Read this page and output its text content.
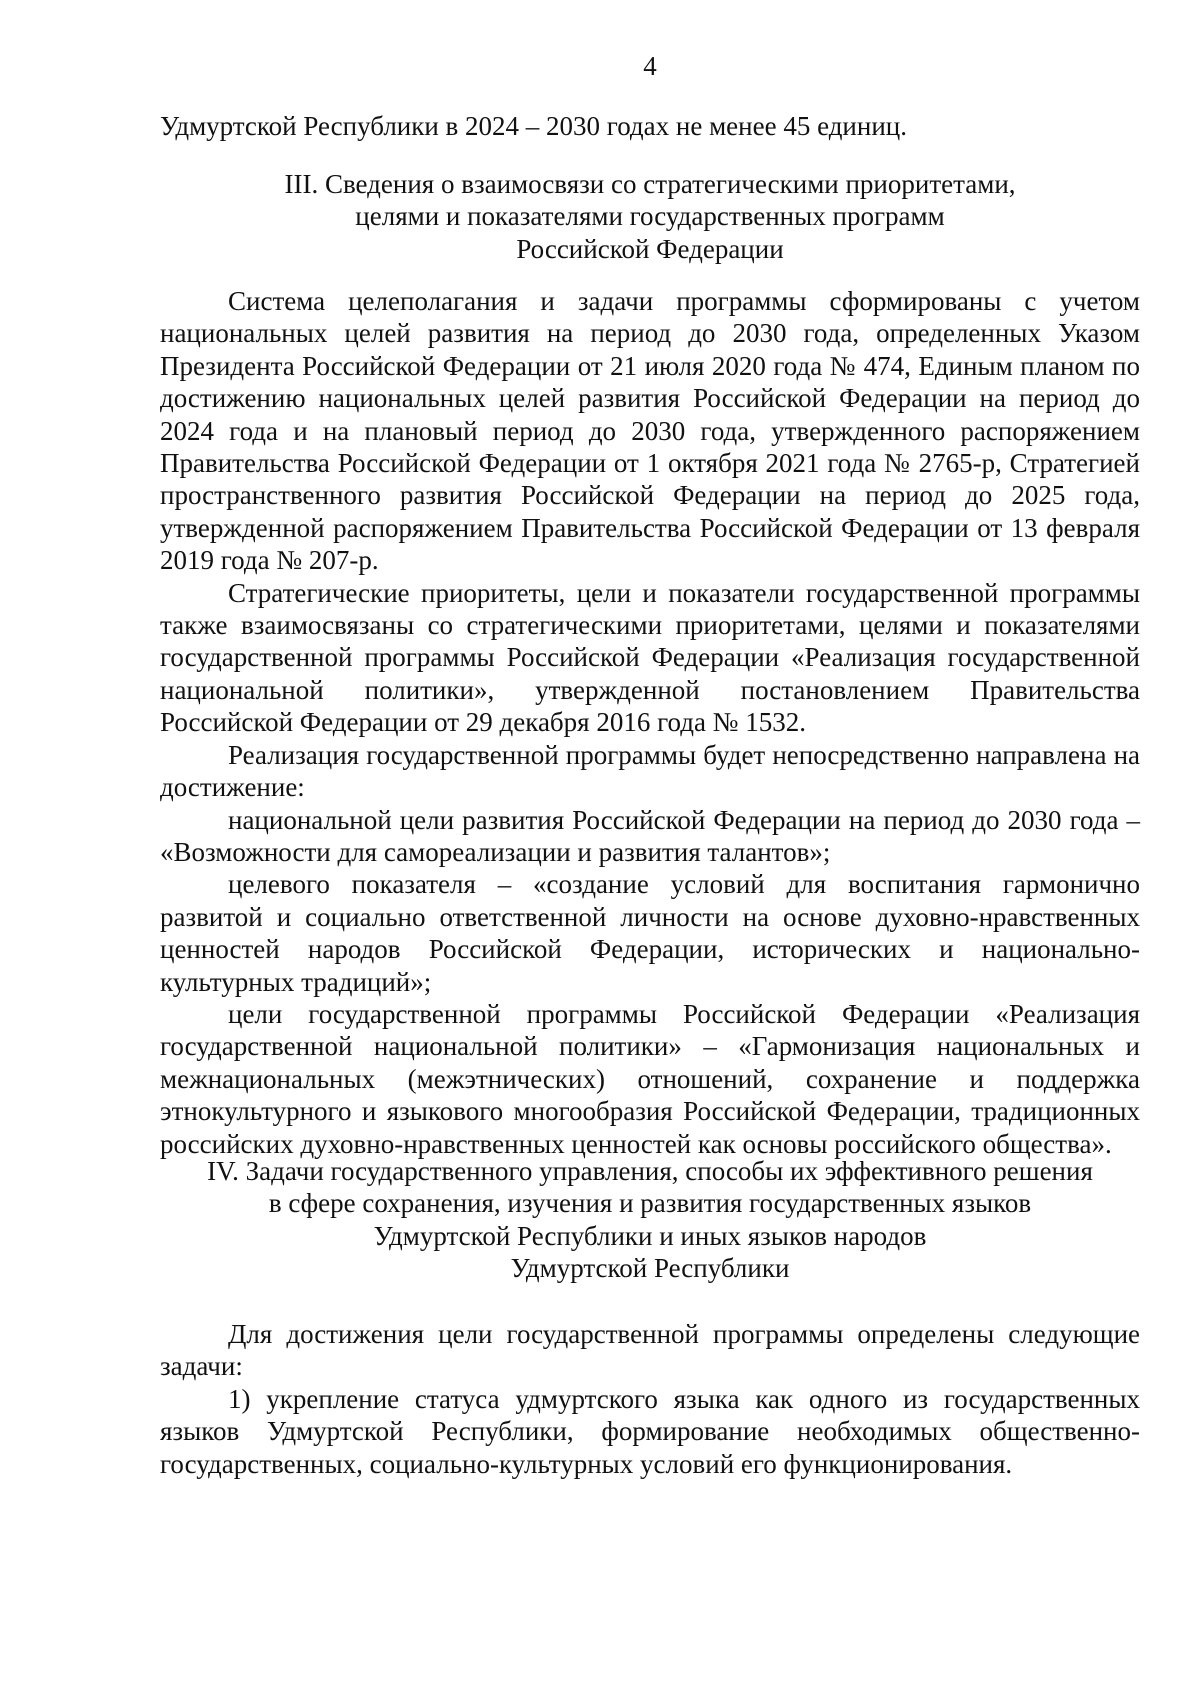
4

Удмуртской Республики в 2024 – 2030 годах не менее 45 единиц.

III. Сведения о взаимосвязи со стратегическими приоритетами,
целями и показателями государственных программ
Российской Федерации

Система целеполагания и задачи программы сформированы с учетом национальных целей развития на период до 2030 года, определенных Указом Президента Российской Федерации от 21 июля 2020 года № 474, Единым планом по достижению национальных целей развития Российской Федерации на период до 2024 года и на плановый период до 2030 года, утвержденного распоряжением Правительства Российской Федерации от 1 октября 2021 года № 2765-р, Стратегией пространственного развития Российской Федерации на период до 2025 года, утвержденной распоряжением Правительства Российской Федерации от 13 февраля 2019 года № 207-р.

Стратегические приоритеты, цели и показатели государственной программы также взаимосвязаны со стратегическими приоритетами, целями и показателями государственной программы Российской Федерации «Реализация государственной национальной политики», утвержденной постановлением Правительства Российской Федерации от 29 декабря 2016 года № 1532.

Реализация государственной программы будет непосредственно направлена на достижение:

национальной цели развития Российской Федерации на период до 2030 года – «Возможности для самореализации и развития талантов»;

целевого показателя – «создание условий для воспитания гармонично развитой и социально ответственной личности на основе духовно-нравственных ценностей народов Российской Федерации, исторических и национально-культурных традиций»;

цели государственной программы Российской Федерации «Реализация государственной национальной политики» – «Гармонизация национальных и межнациональных (межэтнических) отношений, сохранение и поддержка этнокультурного и языкового многообразия Российской Федерации, традиционных российских духовно-нравственных ценностей как основы российского общества».

IV. Задачи государственного управления, способы их эффективного решения
в сфере сохранения, изучения и развития государственных языков
Удмуртской Республики и иных языков народов
Удмуртской Республики

Для достижения цели государственной программы определены следующие задачи:

1) укрепление статуса удмуртского языка как одного из государственных языков Удмуртской Республики, формирование необходимых общественно-государственных, социально-культурных условий его функционирования.
